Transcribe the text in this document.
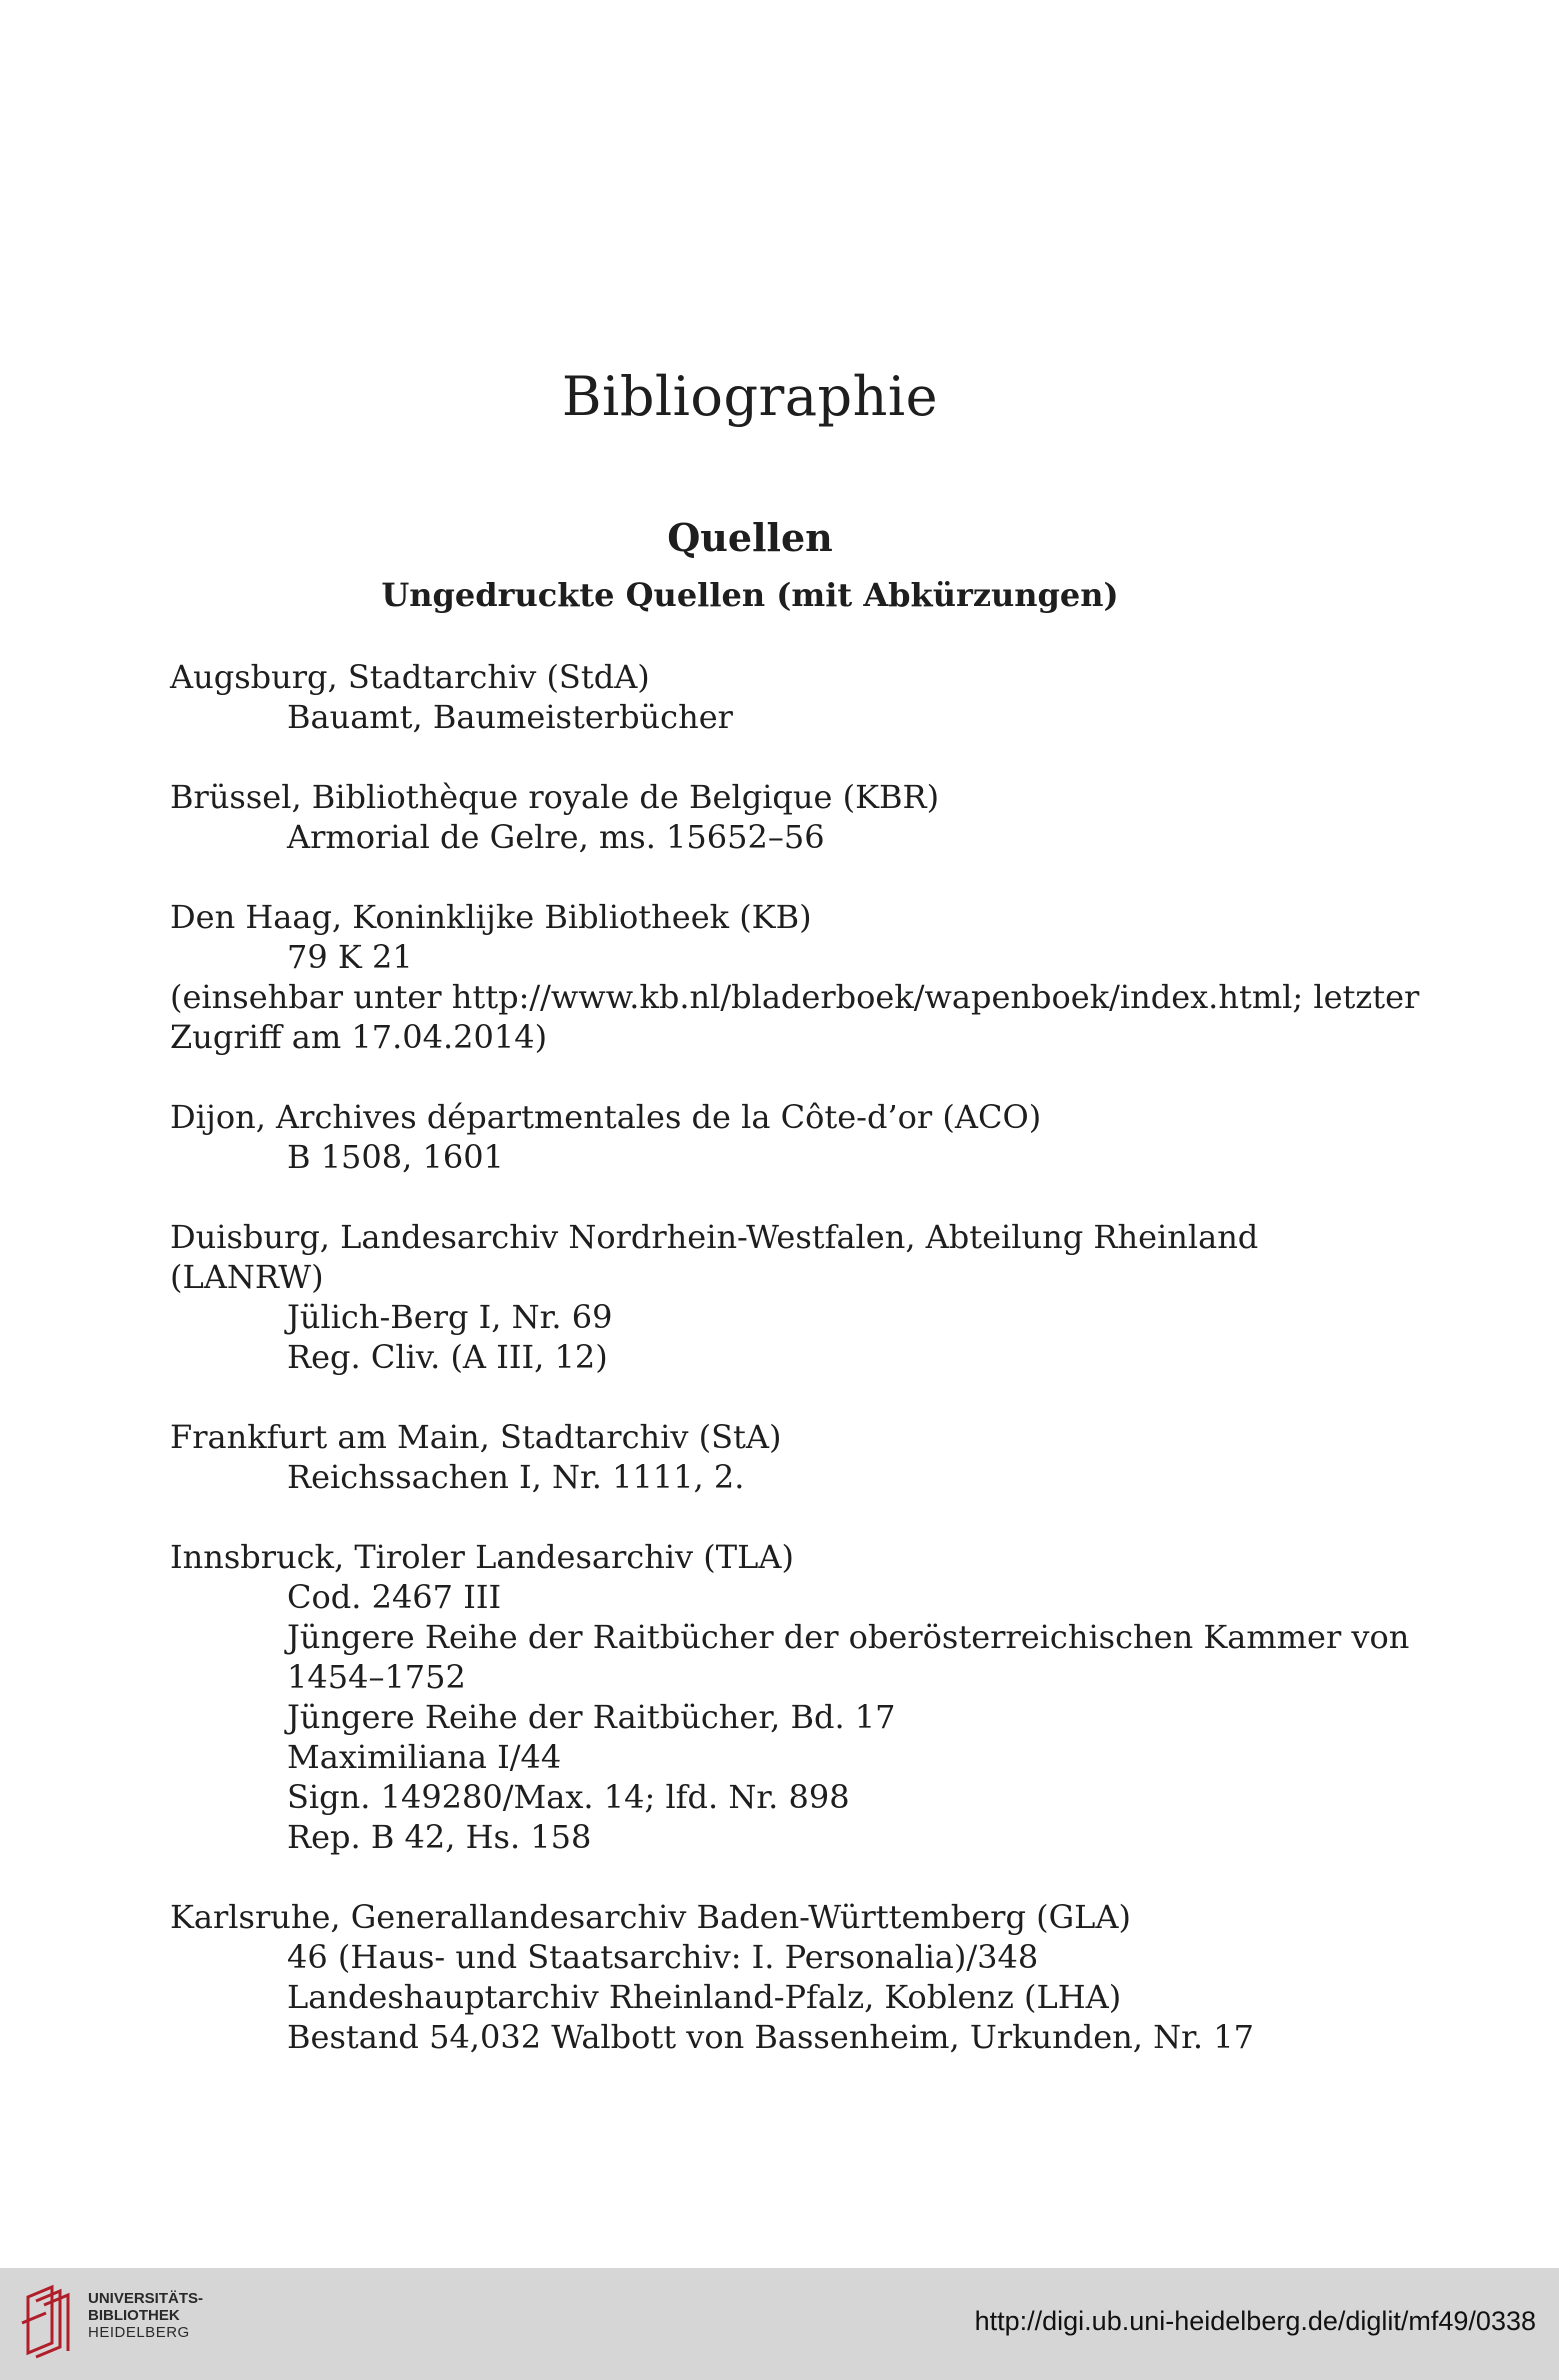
Bibliographie
Quellen
Ungedruckte Quellen (mit Abkürzungen)
Augsburg, Stadtarchiv (StdA)
Bauamt, Baumeisterbücher
Brüssel, Bibliothèque royale de Belgique (KBR)
Armorial de Gelre, ms. 15652–56
Den Haag, Koninklijke Bibliotheek (KB)
79 K 21
(einsehbar unter http://www.kb.nl/bladerboek/wapenboek/index.html; letzter
Zugriff am 17.04.2014)
Dijon, Archives départmentales de la Côte-d’or (ACO)
B 1508, 1601
Duisburg, Landesarchiv Nordrhein-Westfalen, Abteilung Rheinland
(LANRW)
Jülich-Berg I, Nr. 69
Reg. Cliv. (A III, 12)
Frankfurt am Main, Stadtarchiv (StA)
Reichssachen I, Nr. 1111, 2.
Innsbruck, Tiroler Landesarchiv (TLA)
Cod. 2467 III
Jüngere Reihe der Raitbücher der oberösterreichischen Kammer von
1454–1752
Jüngere Reihe der Raitbücher, Bd. 17
Maximiliana I/44
Sign. 149280/Max. 14; lfd. Nr. 898
Rep. B 42, Hs. 158
Karlsruhe, Generallandesarchiv Baden-Württemberg (GLA)
46 (Haus- und Staatsarchiv: I. Personalia)/348
Landeshauptarchiv Rheinland-Pfalz, Koblenz (LHA)
Bestand 54,032 Walbott von Bassenheim, Urkunden, Nr. 17
UNIVERSITÄTS-
BIBLIOTHEK
HEIDELBERG	http://digi.ub.uni-heidelberg.de/diglit/mf49/0338
